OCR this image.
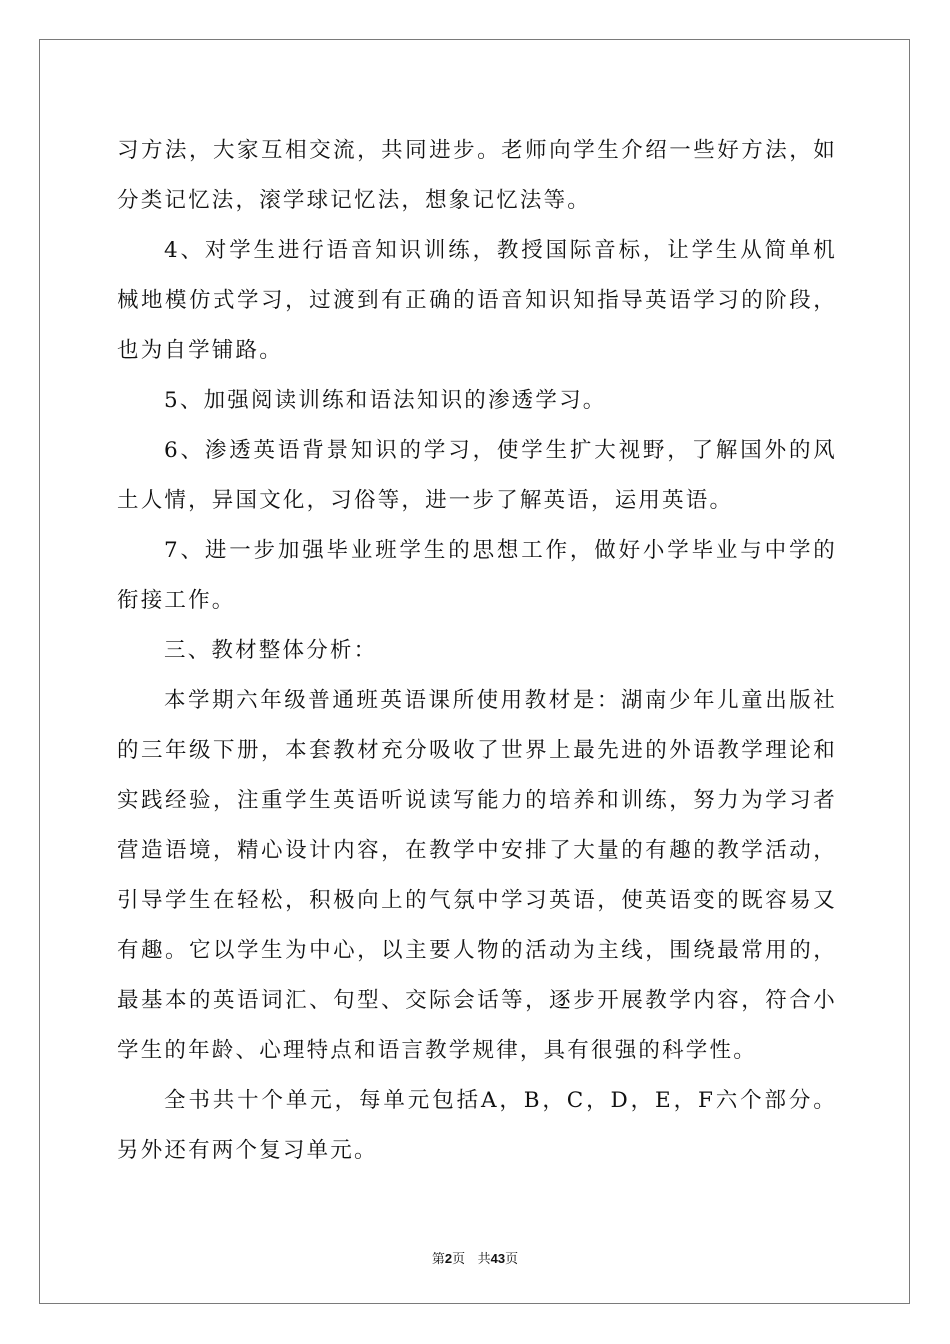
习方法，大家互相交流，共同进步。老师向学生介绍一些好方法，如分类记忆法，滚学球记忆法，想象记忆法等。

4、对学生进行语音知识训练，教授国际音标，让学生从简单机械地模仿式学习，过渡到有正确的语音知识知指导英语学习的阶段，也为自学铺路。

5、加强阅读训练和语法知识的渗透学习。

6、渗透英语背景知识的学习，使学生扩大视野，了解国外的风土人情，异国文化，习俗等，进一步了解英语，运用英语。

7、进一步加强毕业班学生的思想工作，做好小学毕业与中学的衔接工作。

三、教材整体分析：

本学期六年级普通班英语课所使用教材是：湖南少年儿童出版社的三年级下册，本套教材充分吸收了世界上最先进的外语教学理论和实践经验，注重学生英语听说读写能力的培养和训练，努力为学习者营造语境，精心设计内容，在教学中安排了大量的有趣的教学活动，引导学生在轻松，积极向上的气氛中学习英语，使英语变的既容易又有趣。它以学生为中心，以主要人物的活动为主线，围绕最常用的，最基本的英语词汇、句型、交际会话等，逐步开展教学内容，符合小学生的年龄、心理特点和语言教学规律，具有很强的科学性。

全书共十个单元，每单元包括A，B，C，D，E，F六个部分。另外还有两个复习单元。

第2页 共43页
